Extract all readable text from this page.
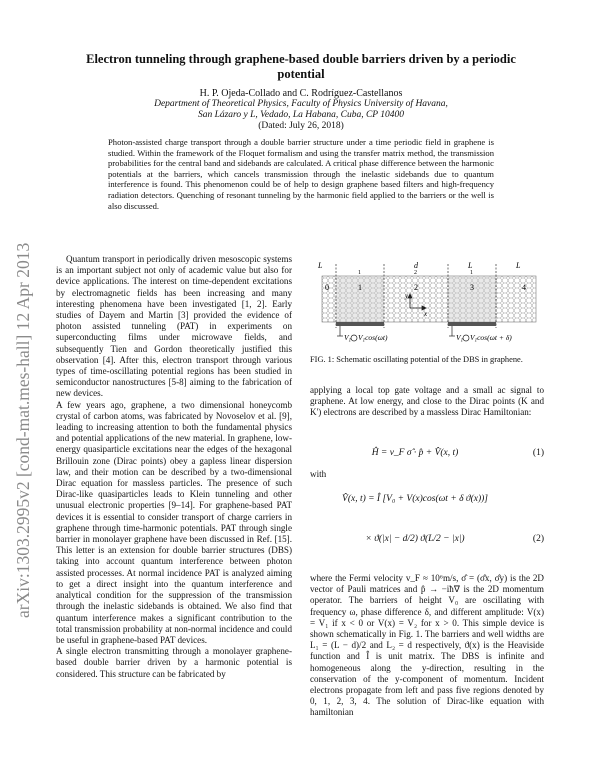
arXiv:1303.2995v2 [cond-mat.mes-hall] 12 Apr 2013
Electron tunneling through graphene-based double barriers driven by a periodic potential
H. P. Ojeda-Collado and C. Rodríguez-Castellanos
Department of Theoretical Physics, Faculty of Physics University of Havana,
San Lázaro y L, Vedado, La Habana, Cuba, CP 10400
(Dated: July 26, 2018)

Photon-assisted charge transport through a double barrier structure under a time periodic field in graphene is studied. Within the framework of the Floquet formalism and using the transfer matrix method, the transmission probabilities for the central band and sidebands are calculated. A critical phase difference between the harmonic potentials at the barriers, which cancels transmission through the inelastic sidebands due to quantum interference is found. This phenomenon could be of help to design graphene based filters and high-frequency radiation detectors. Quenching of resonant tunneling by the harmonic field applied to the barriers or the well is also discussed.

Quantum transport in periodically driven mesoscopic systems is an important subject not only of academic value but also for device applications. The interest on time-dependent excitations by electromagnetic fields has been increasing and many interesting phenomena have been investigated [1, 2]. Early studies of Dayem and Martin [3] provided the evidence of photon assisted tunneling (PAT) in experiments on superconducting films under microwave fields, and subsequently Tien and Gordon theoretically justified this observation [4]. After this, electron transport through various types of time-oscillating potential regions has been studied in semiconductor nanostructures [5-8] aiming to the fabrication of new devices.

A few years ago, graphene, a two dimensional honeycomb crystal of carbon atoms, was fabricated by Novoselov et al. [9], leading to increasing attention to both the fundamental physics and potential applications of the new material. In graphene, low-energy quasiparticle excitations near the edges of the hexagonal Brillouin zone (Dirac points) obey a gapless linear dispersion law, and their motion can be described by a two-dimensional Dirac equation for massless particles. The presence of such Dirac-like quasiparticles leads to Klein tunneling and other unusual electronic properties [9–14]. For graphene-based PAT devices it is essential to consider transport of charge carriers in graphene through time-harmonic potentials. PAT through single barrier in monolayer graphene have been discussed in Ref. [15]. This letter is an extension for double barrier structures (DBS) taking into account quantum interference between photon assisted processes. At normal incidence PAT is analyzed aiming to get a direct insight into the quantum interference and analytical condition for the suppression of the transmission through the inelastic sidebands is obtained. We also find that quantum interference makes a significant contribution to the total transmission probability at non-normal incidence and could be useful in graphene-based PAT devices.

A single electron transmitting through a monolayer graphene-based double barrier driven by a harmonic potential is considered. This structure can be fabricated by

L	d	L	L
1	2	1
0	1	2	3	4
y
x
$V_1$ $V_1\cos(\omega t)$	$V_1$ $V_1\cos(\omega t + \delta)$

FIG. 1: Schematic oscillating potential of the DBS in graphene.

applying a local top gate voltage and a small ac signal to graphene. At low energy, and close to the Dirac points (K and K') electrons are described by a massless Dirac Hamiltonian:

Ĥ = v_F σ̂ · p̂ + V̂(x, t)	(1)
with
V̂(x, t) = Î [V₀ + V(x)cos(ωt + δ ϑ(x))]
× ϑ(|x| − d/2) ϑ(L/2 − |x|)	(2)

where the Fermi velocity v_F ≈ 10⁶m/s, σ̂ = (σ̂x, σ̂y) is the 2D vector of Pauli matrices and p̂ → −iħ∇ is the 2D momentum operator. The barriers of height V₀ are oscillating with frequency ω, phase difference δ, and different amplitude: V(x) = V₁ if x < 0 or V(x) = V₂ for x > 0. This simple device is shown schematically in Fig. 1. The barriers and well widths are L₁ = (L − d)/2 and L₂ = d respectively, ϑ(x) is the Heaviside function and Î is unit matrix. The DBS is infinite and homogeneous along the y-direction, resulting in the conservation of the y-component of momentum. Incident electrons propagate from left and pass five regions denoted by 0, 1, 2, 3, 4. The solution of Dirac-like equation with hamiltonian
